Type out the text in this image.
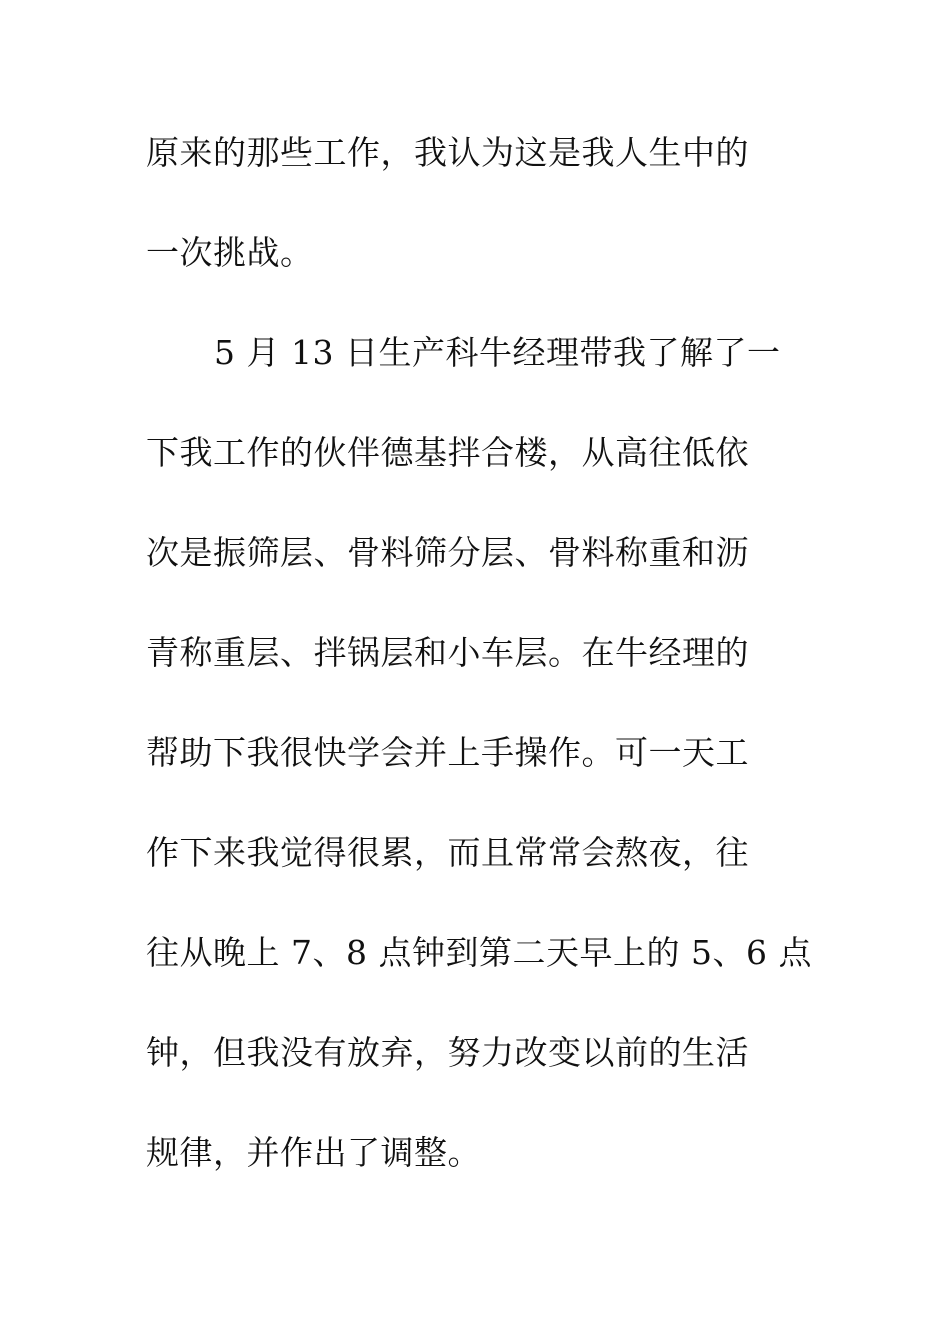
原来的那些工作，我认为这是我人生中的
一次挑战。
5 月 13 日生产科牛经理带我了解了一
下我工作的伙伴德基拌合楼，从高往低依
次是振筛层、骨料筛分层、骨料称重和沥
青称重层、拌锅层和小车层。在牛经理的
帮助下我很快学会并上手操作。可一天工
作下来我觉得很累，而且常常会熬夜，往
往从晚上 7、8 点钟到第二天早上的 5、6 点
钟，但我没有放弃，努力改变以前的生活
规律，并作出了调整。
